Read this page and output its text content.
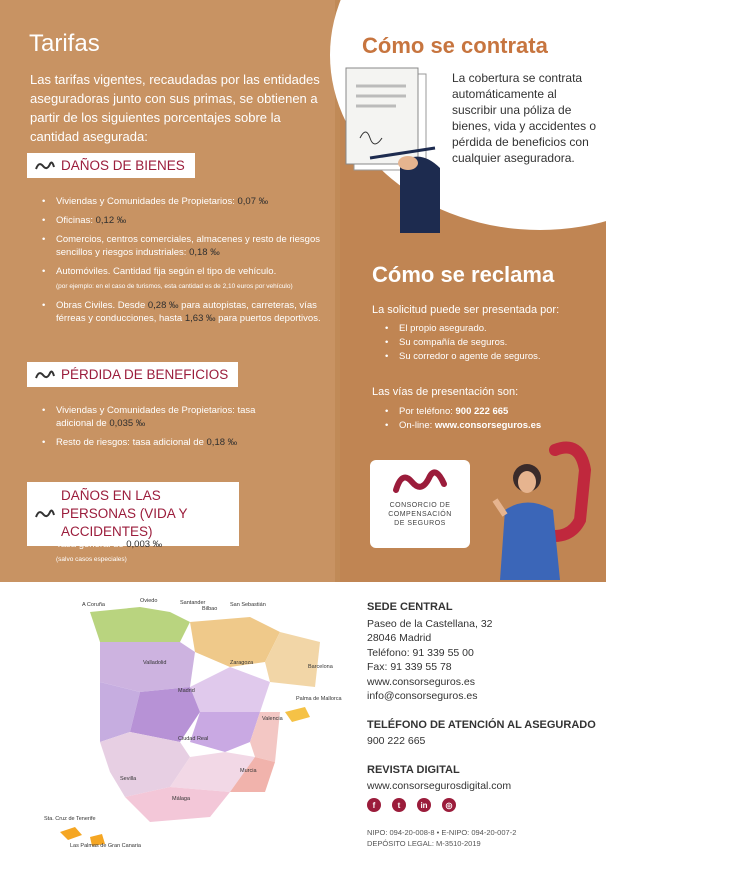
Tarifas

Las tarifas vigentes, recaudadas por las entidades aseguradoras junto con sus primas, se obtienen a partir de los siguientes porcentajes sobre la cantidad asegurada:

DAÑOS DE BIENES
• Viviendas y Comunidades de Propietarios: 0,07 ‰
• Oficinas: 0,12 ‰
• Comercios, centros comerciales, almacenes y resto de riesgos sencillos y riesgos industriales: 0,18 ‰
• Automóviles. Cantidad fija según el tipo de vehículo.
(por ejemplo: en el caso de turismos, esta cantidad es de 2,10 euros por vehículo)
• Obras Civiles. Desde 0,28 ‰ para autopistas, carreteras, vías férreas y conducciones, hasta 1,63 ‰ para puertos deportivos.
PÉRDIDA DE BENEFICIOS
• Viviendas y Comunidades de Propietarios: tasa adicional de 0,035 ‰
• Resto de riesgos: tasa adicional de 0,18 ‰
DAÑOS EN LAS PERSONAS (VIDA Y ACCIDENTES)
• Tasa general de 0,003 ‰
(salvo casos especiales)
Cómo se contrata

La cobertura se contrata automáticamente al suscribir una póliza de bienes, vida y accidentes o pérdida de beneficios con cualquier aseguradora.

Cómo se reclama

La solicitud puede ser presentada por:

• El propio asegurado.
• Su compañía de seguros.
• Su corredor o agente de seguros.

Las vías de presentación son:

• Por teléfono: 900 222 665
• On-line: www.consorseguros.es
CONSORCIO DE
COMPENSACIÓN
DE SEGUROS
A Coruña
Oviedo	Santander
Bilbao
San Sebastián
Valladolid	Zaragoza
Barcelona
Madrid
Palma de Mallorca
Valencia
Ciudad Real
Murcia
Sevilla
Málaga
Sta. Cruz de Tenerife
Las Palmas de Gran Canaria
SEDE CENTRAL
Paseo de la Castellana, 32
28046 Madrid
Teléfono: 91 339 55 00
Fax: 91 339 55 78
www.consorseguros.es
info@consorseguros.es
TELÉFONO DE ATENCIÓN AL ASEGURADO
900 222 665
REVISTA DIGITAL
www.consorsegurosdigital.com
f	t	in	◎
NIPO: 094-20-008-8 • E-NIPO: 094-20-007-2
DEPÓSITO LEGAL: M-3510-2019
